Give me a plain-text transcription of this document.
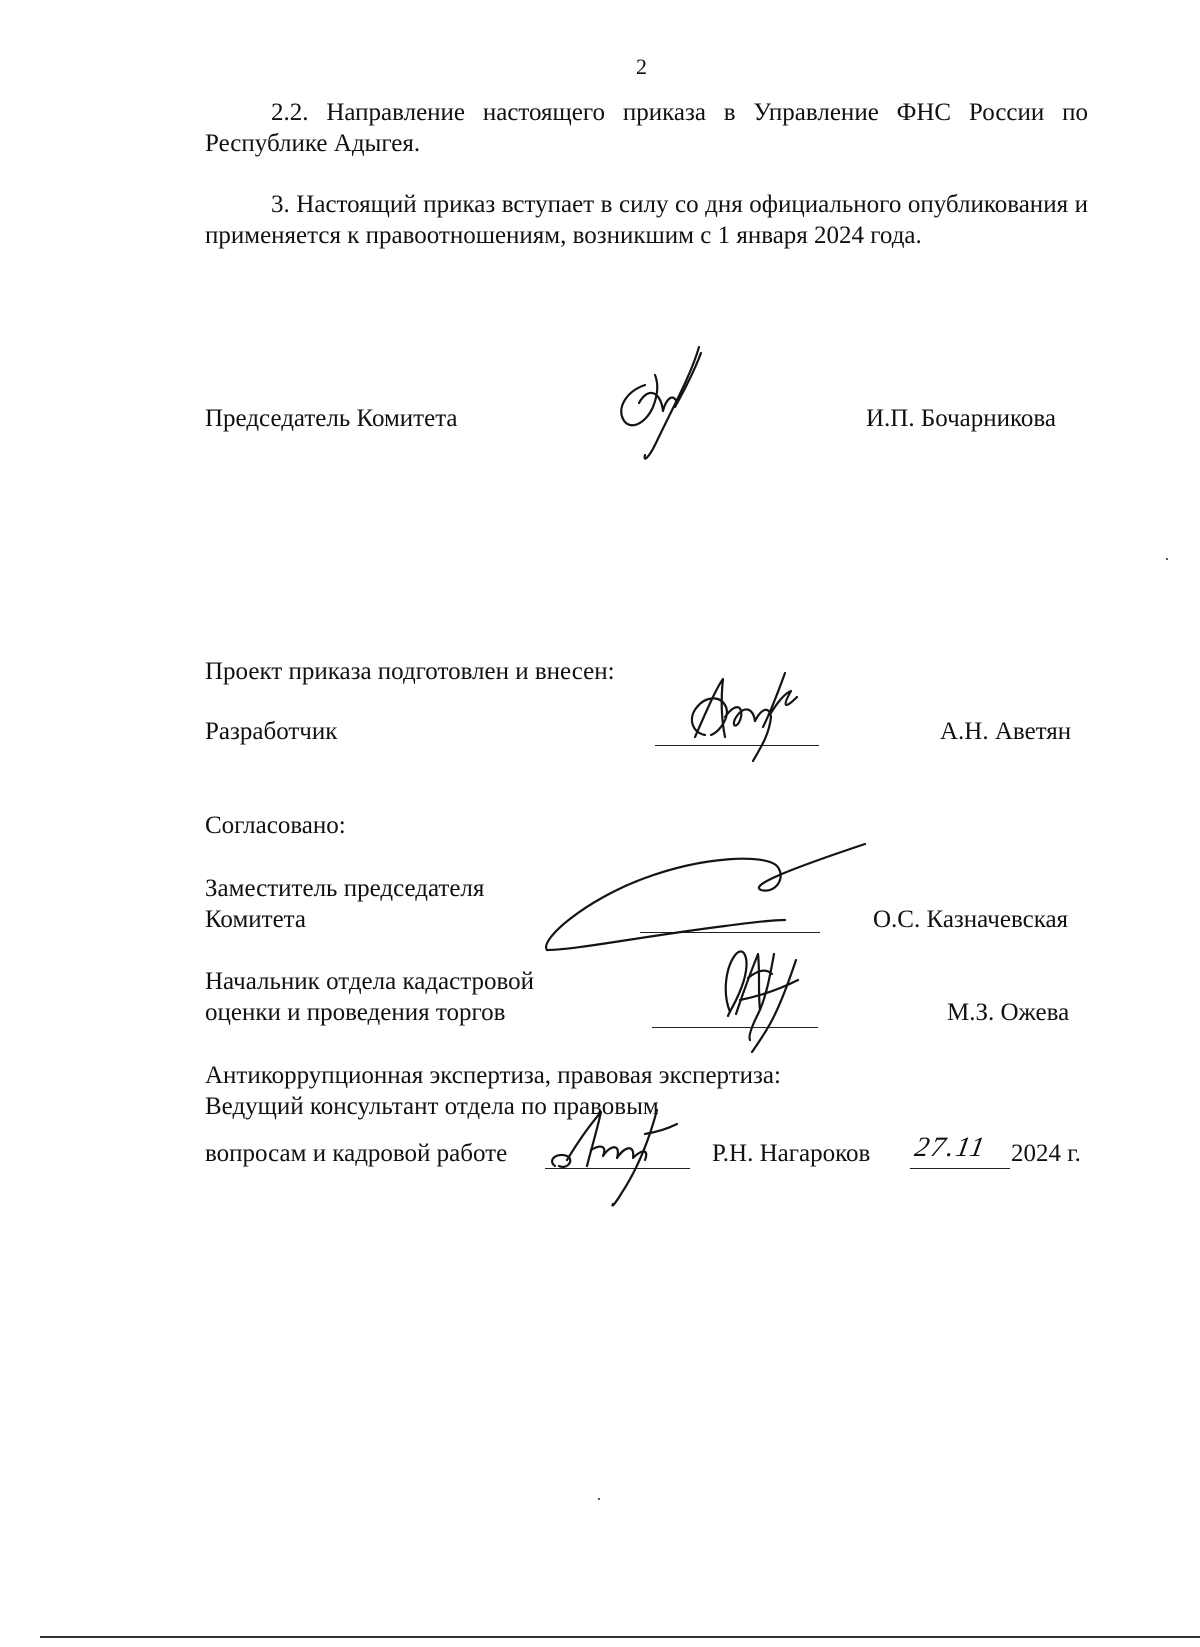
2
2.2. Направление настоящего приказа в Управление ФНС России по Республике Адыгея.
3. Настоящий приказ вступает в силу со дня официального опубликования и применяется к правоотношениям, возникшим с 1 января 2024 года.
Председатель Комитета	И.П. Бочарникова
Проект приказа подготовлен и внесен:
Разработчик	А.Н. Аветян
Согласовано:
Заместитель председателя
Комитета	О.С. Казначевская
Начальник отдела кадастровой
оценки и проведения торгов	М.З. Ожева
Антикоррупционная экспертиза, правовая экспертиза:
Ведущий консультант отдела по правовым
вопросам и кадровой работе	Р.Н. Нагароков 27.11 2024 г.
